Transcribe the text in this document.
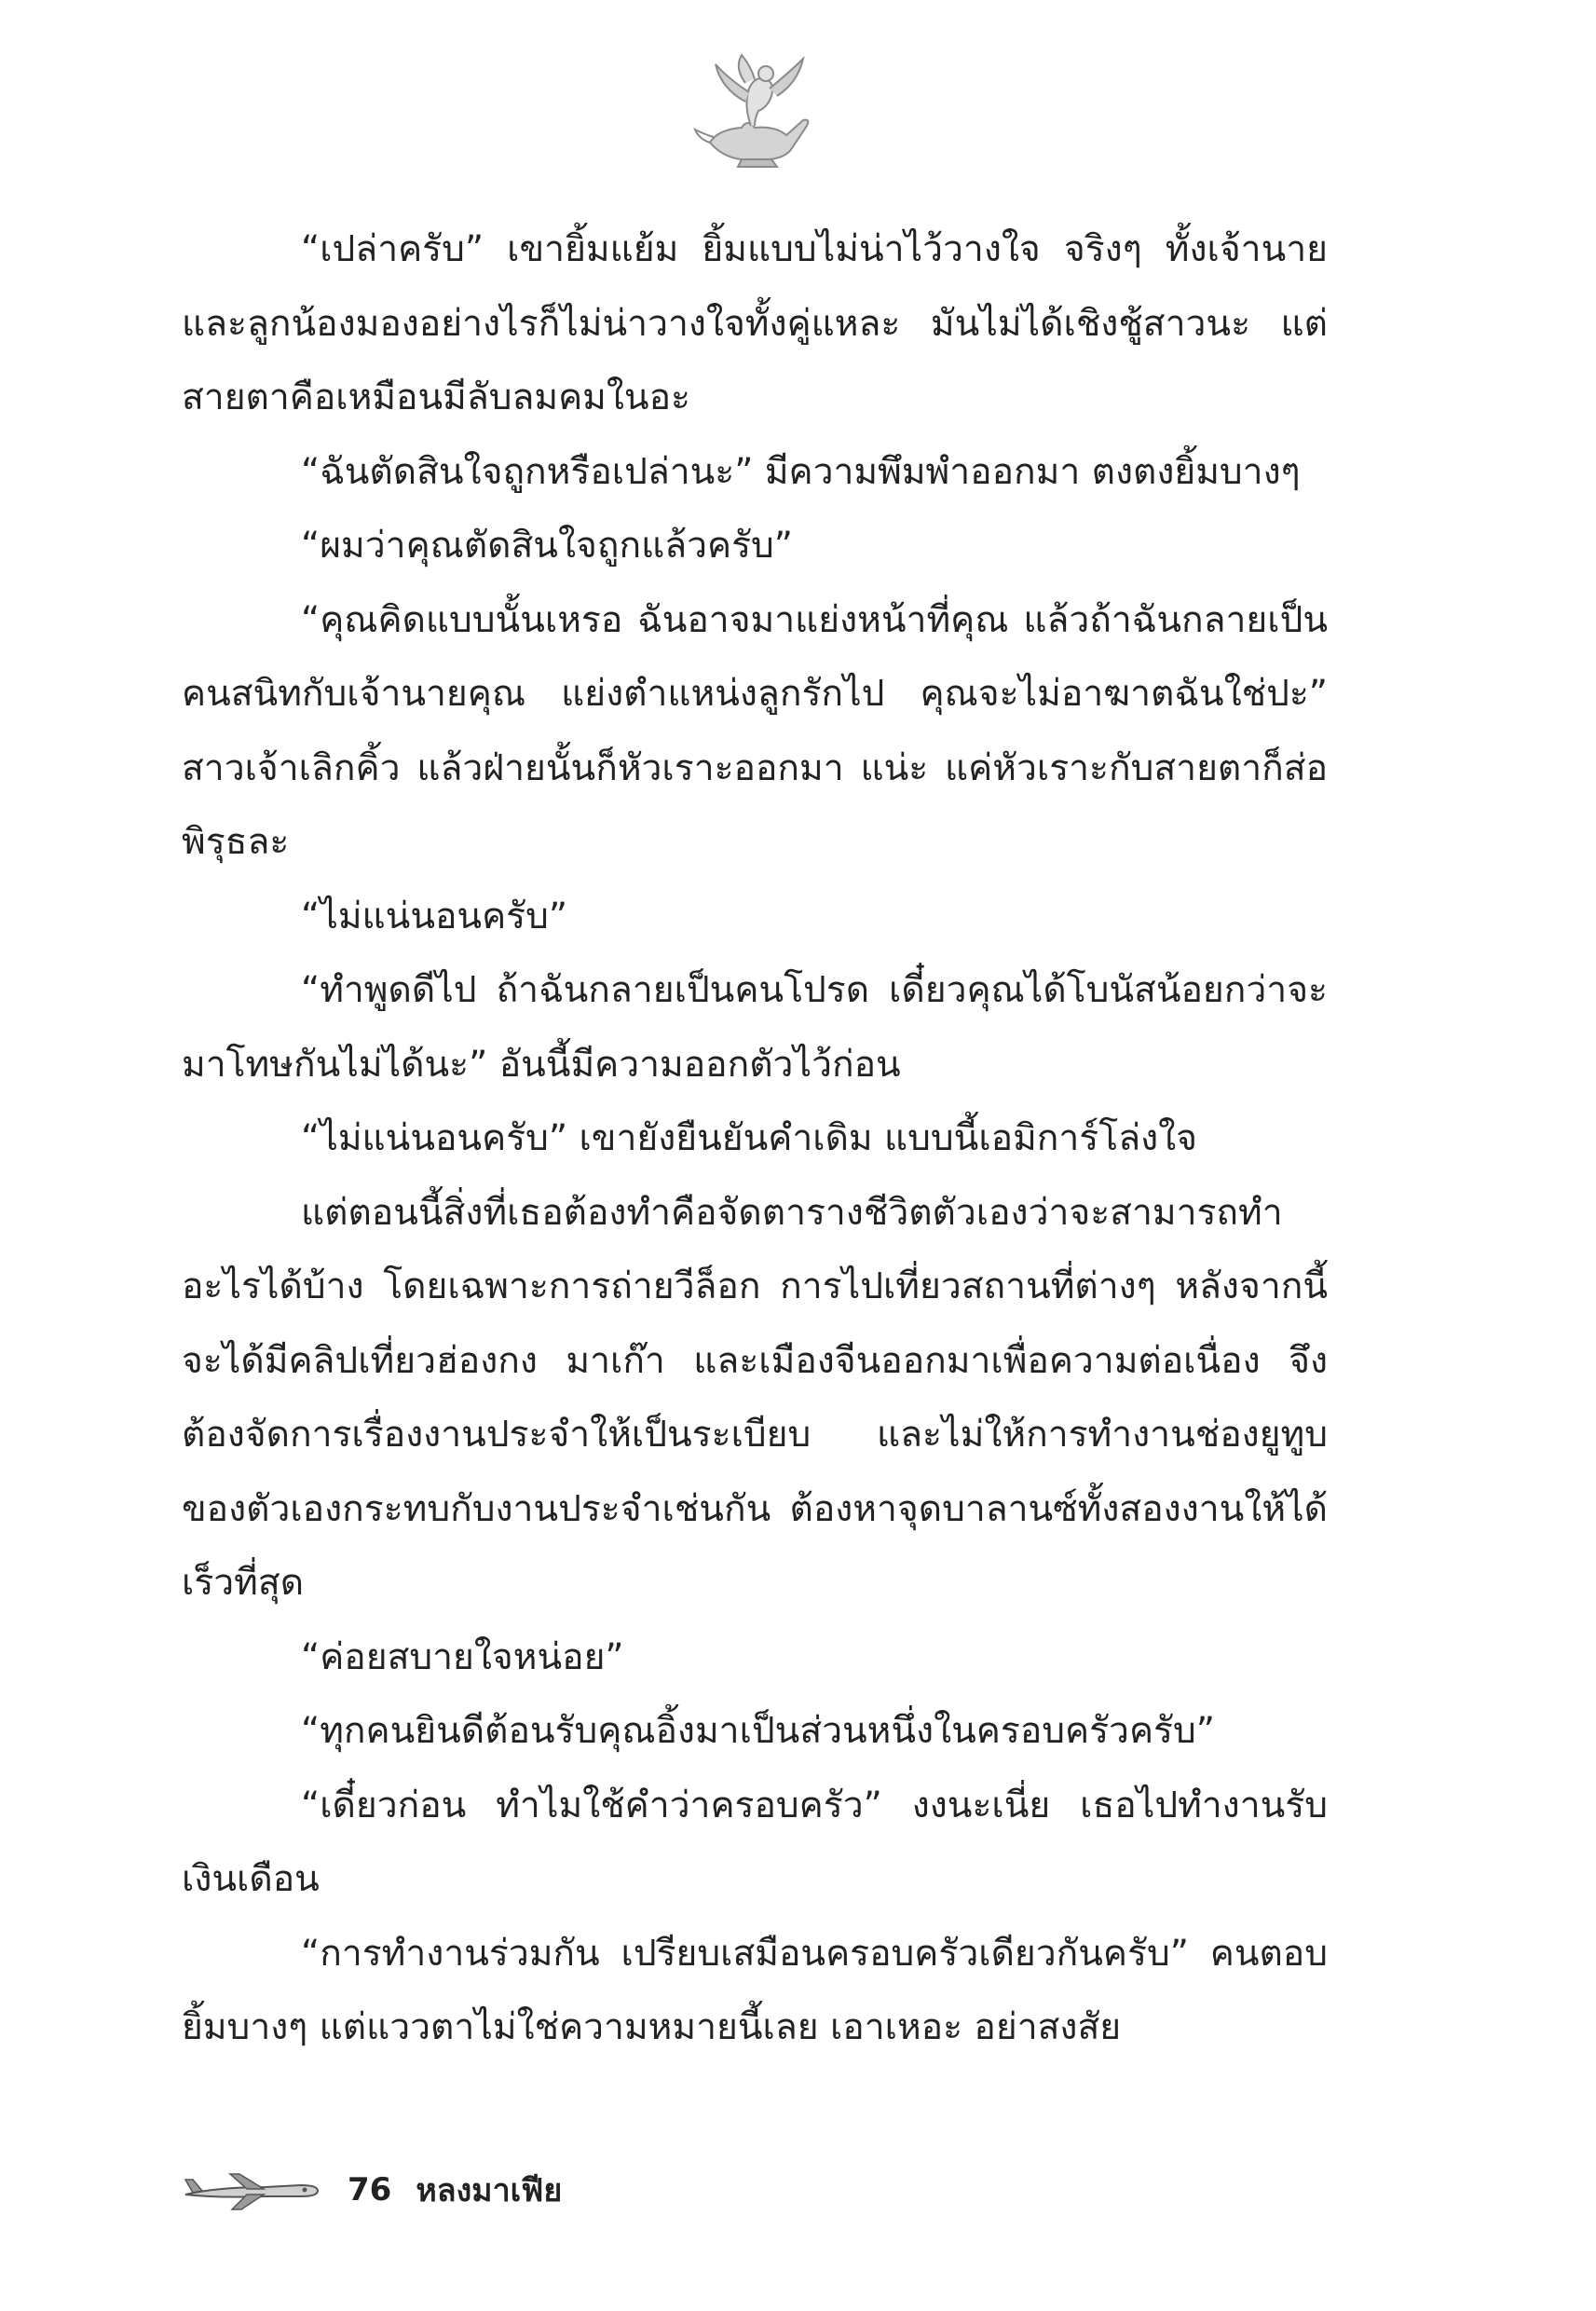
“เปล่าครับ” เขายิ้มแย้ม ยิ้มแบบไม่น่าไว้วางใจ จริงๆ ทั้งเจ้านายและลูกน้องมองอย่างไรก็ไม่น่าวางใจทั้งคู่แหละ มันไม่ได้เชิงชู้สาวนะ แต่สายตาคือเหมือนมีลับลมคมในอะ

“ฉันตัดสินใจถูกหรือเปล่านะ” มีความพึมพำออกมา ตงตงยิ้มบางๆ

“ผมว่าคุณตัดสินใจถูกแล้วครับ”

“คุณคิดแบบนั้นเหรอ ฉันอาจมาแย่งหน้าที่คุณ แล้วถ้าฉันกลายเป็นคนสนิทกับเจ้านายคุณ แย่งตำแหน่งลูกรักไป คุณจะไม่อาฆาตฉันใช่ปะ” สาวเจ้าเลิกคิ้ว แล้วฝ่ายนั้นก็หัวเราะออกมา แน่ะ แค่หัวเราะกับสายตาก็ส่อพิรุธละ

“ไม่แน่นอนครับ”

“ทำพูดดีไป ถ้าฉันกลายเป็นคนโปรด เดี๋ยวคุณได้โบนัสน้อยกว่าจะมาโทษกันไม่ได้นะ” อันนี้มีความออกตัวไว้ก่อน

“ไม่แน่นอนครับ” เขายังยืนยันคำเดิม แบบนี้เอมิการ์โล่งใจ

แต่ตอนนี้สิ่งที่เธอต้องทำคือจัดตารางชีวิตตัวเองว่าจะสามารถทำอะไรได้บ้าง โดยเฉพาะการถ่ายวีล็อก การไปเที่ยวสถานที่ต่างๆ หลังจากนี้จะได้มีคลิปเที่ยวฮ่องกง มาเก๊า และเมืองจีนออกมาเพื่อความต่อเนื่อง จึงต้องจัดการเรื่องงานประจำให้เป็นระเบียบ และไม่ให้การทำงานช่องยูทูบของตัวเองกระทบกับงานประจำเช่นกัน ต้องหาจุดบาลานซ์ทั้งสองงานให้ได้เร็วที่สุด

“ค่อยสบายใจหน่อย”

“ทุกคนยินดีต้อนรับคุณอิ้งมาเป็นส่วนหนึ่งในครอบครัวครับ”

“เดี๋ยวก่อน ทำไมใช้คำว่าครอบครัว” งงนะเนี่ย เธอไปทำงานรับเงินเดือน

“การทำงานร่วมกัน เปรียบเสมือนครอบครัวเดียวกันครับ” คนตอบยิ้มบางๆ แต่แววตาไม่ใช่ความหมายนี้เลย เอาเหอะ อย่าสงสัย

76 หลงมาเฟีย
